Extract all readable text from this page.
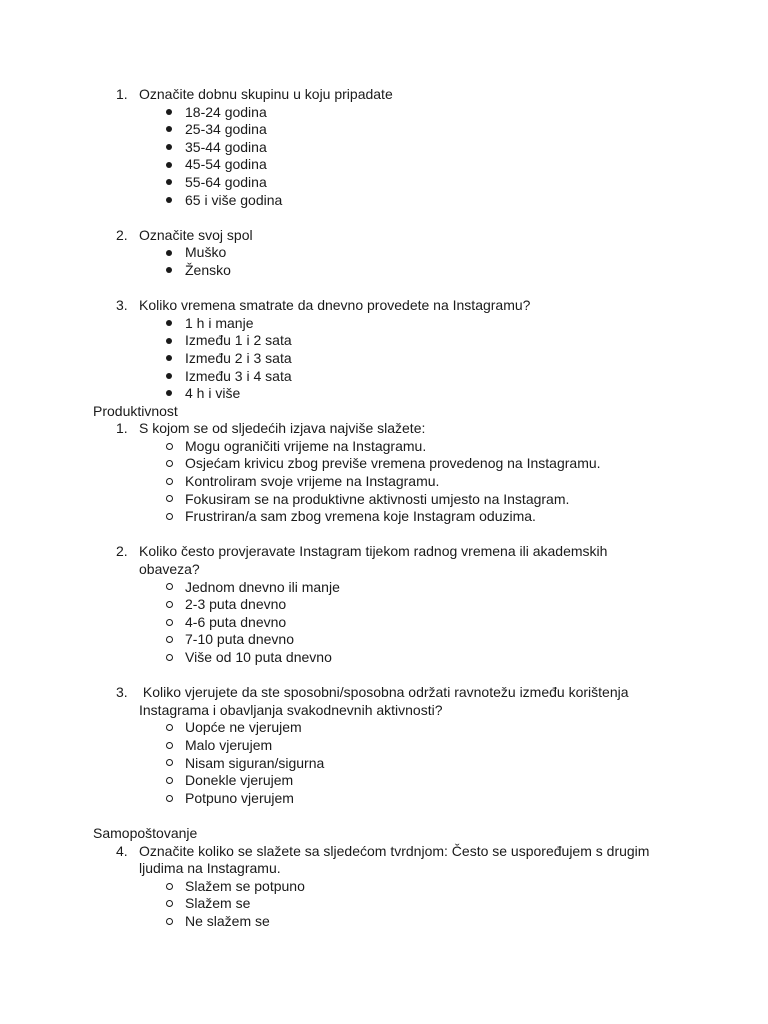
1. Označite dobnu skupinu u koju pripadate
18-24 godina
25-34 godina
35-44 godina
45-54 godina
55-64 godina
65 i više godina
2. Označite svoj spol
Muško
Žensko
3. Koliko vremena smatrate da dnevno provedete na Instagramu?
1 h i manje
Između 1 i 2 sata
Između 2 i 3 sata
Između 3 i 4 sata
4 h i više
Produktivnost
1. S kojom se od sljedećih izjava najviše slažete:
Mogu ograničiti vrijeme na Instagramu.
Osjećam krivicu zbog previše vremena provedenog na Instagramu.
Kontroliram svoje vrijeme na Instagramu.
Fokusiram se na produktivne aktivnosti umjesto na Instagram.
Frustriran/a sam zbog vremena koje Instagram oduzima.
2. Koliko često provjeravate Instagram tijekom radnog vremena ili akademskih
obaveza?
Jednom dnevno ili manje
2-3 puta dnevno
4-6 puta dnevno
7-10 puta dnevno
Više od 10 puta dnevno
3. Koliko vjerujete da ste sposobni/sposobna održati ravnotežu između korištenja
Instagrama i obavljanja svakodnevnih aktivnosti?
Uopće ne vjerujem
Malo vjerujem
Nisam siguran/sigurna
Donekle vjerujem
Potpuno vjerujem
Samopoštovanje
4. Označite koliko se slažete sa sljedećom tvrdnjom: Često se uspoređujem s drugim
ljudima na Instagramu.
Slažem se potpuno
Slažem se
Ne slažem se
